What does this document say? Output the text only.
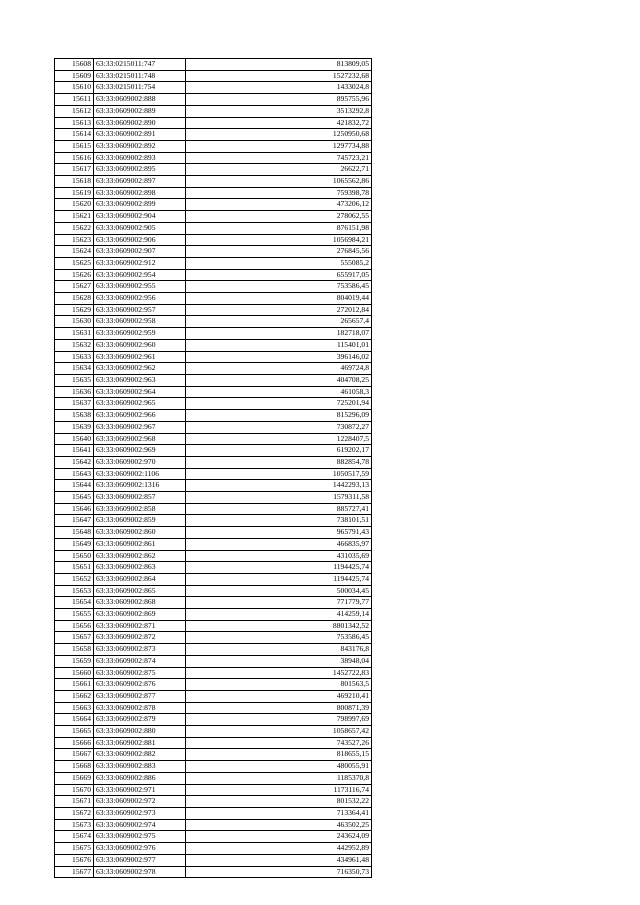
15608	63:33:0215011:747	813809,05
15609	63:33:0215011:748	1527232,68
15610	63:33:0215011:754	1433024,8
15611	63:33:0609002:888	895755,96
15612	63:33:0609002:889	3513292,8
15613	63:33:0609002:890	421832,72
15614	63:33:0609002:891	1250950,68
15615	63:33:0609002:892	1297734,88
15616	63:33:0609002:893	745723,21
15617	63:33:0609002:895	26622,71
15618	63:33:0609002:897	1065562,86
15619	63:33:0609002:898	759398,78
15620	63:33:0609002:899	473206,12
15621	63:33:0609002:904	278062,55
15622	63:33:0609002:905	876151,98
15623	63:33:0609002:906	1056984,21
15624	63:33:0609002:907	276845,56
15625	63:33:0609002:912	555085,2
15626	63:33:0609002:954	655917,05
15627	63:33:0609002:955	753586,45
15628	63:33:0609002:956	804019,44
15629	63:33:0609002:957	272012,84
15630	63:33:0609002:958	265657,4
15631	63:33:0609002:959	182718,07
15632	63:33:0609002:960	115401,01
15633	63:33:0609002:961	396146,02
15634	63:33:0609002:962	469724,8
15635	63:33:0609002:963	404708,25
15636	63:33:0609002:964	461058,3
15637	63:33:0609002:965	725201,94
15638	63:33:0609002:966	815296,09
15639	63:33:0609002:967	730872,27
15640	63:33:0609002:968	1228407,5
15641	63:33:0609002:969	619202,17
15642	63:33:0609002:970	882854,78
15643	63:33:0609002:1106	1050517,59
15644	63:33:0609002:1316	1442293,13
15645	63:33:0609002:857	1579311,58
15646	63:33:0609002:858	885727,41
15647	63:33:0609002:859	738101,51
15648	63:33:0609002:860	965791,43
15649	63:33:0609002:861	466835,97
15650	63:33:0609002:862	431035,69
15651	63:33:0609002:863	1194425,74
15652	63:33:0609002:864	1194425,74
15653	63:33:0609002:865	500034,45
15654	63:33:0609002:868	771779,77
15655	63:33:0609002:869	414259,14
15656	63:33:0609002:871	8801342,52
15657	63:33:0609002:872	753586,45
15658	63:33:0609002:873	843176,8
15659	63:33:0609002:874	38948,04
15660	63:33:0609002:875	1452722,83
15661	63:33:0609002:876	801563,5
15662	63:33:0609002:877	469210,41
15663	63:33:0609002:878	800871,39
15664	63:33:0609002:879	798997,69
15665	63:33:0609002:880	1058657,42
15666	63:33:0609002:881	743527,26
15667	63:33:0609002:882	818655,15
15668	63:33:0609002:883	480055,91
15669	63:33:0609002:886	1185370,8
15670	63:33:0609002:971	1173116,74
15671	63:33:0609002:972	801532,22
15672	63:33:0609002:973	713364,41
15673	63:33:0609002:974	463502,25
15674	63:33:0609002:975	243624,09
15675	63:33:0609002:976	442952,89
15676	63:33:0609002:977	434961,48
15677	63:33:0609002:978	716350,73
